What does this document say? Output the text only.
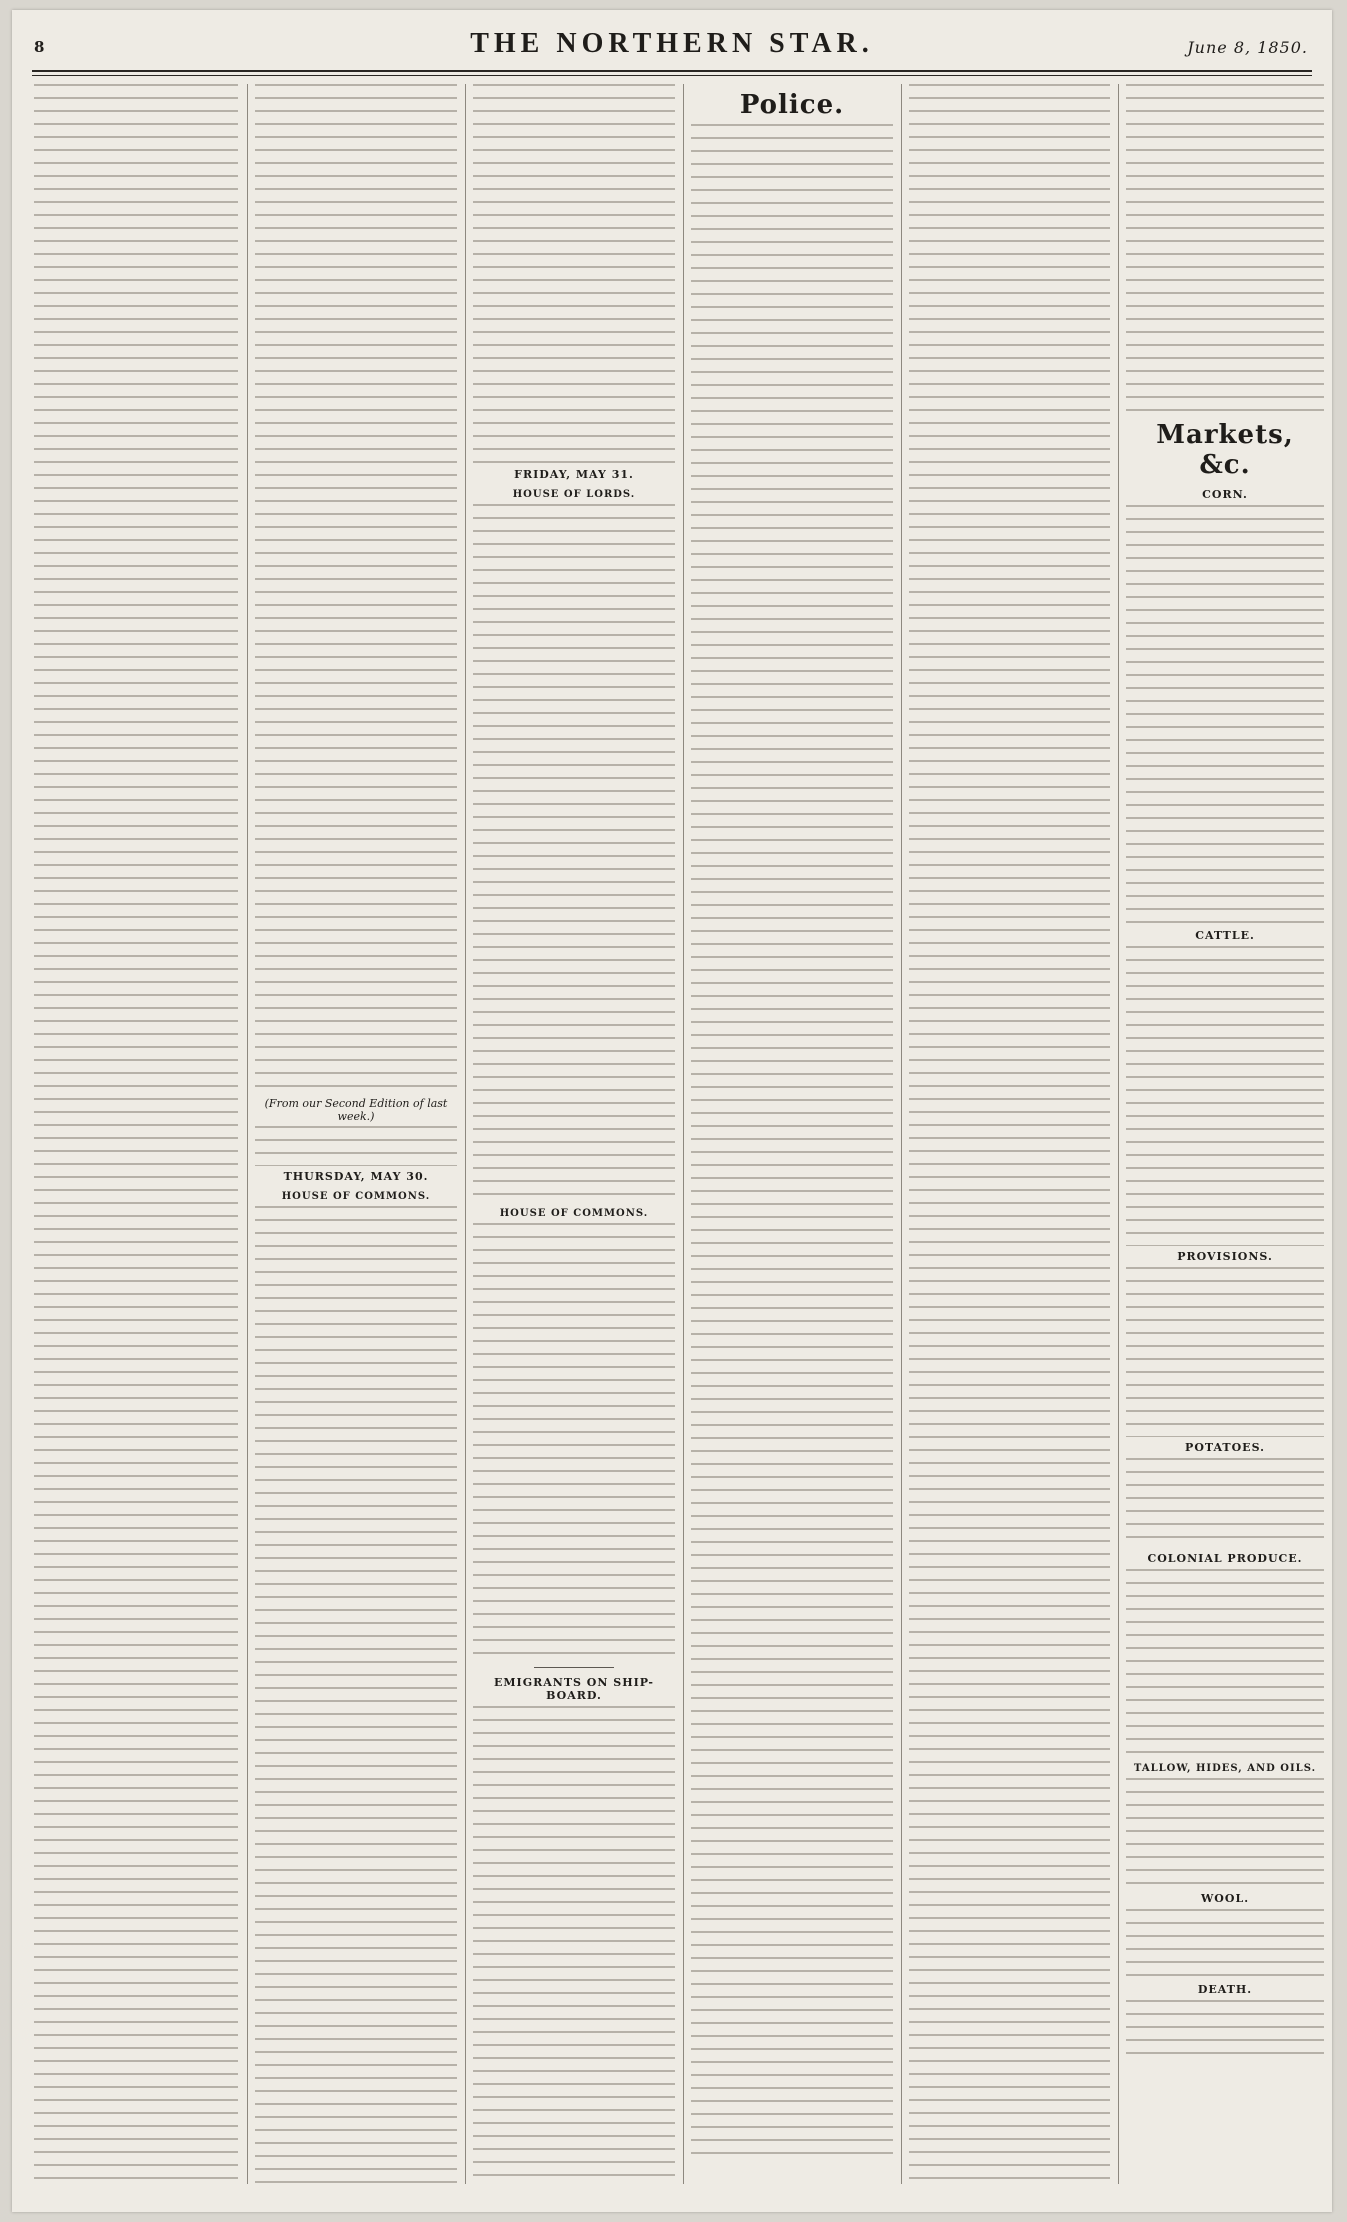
8	THE NORTHERN STAR.	June 8, 1850.
(From our Second Edition of last week.)
THURSDAY, MAY 30.
HOUSE OF COMMONS.
FRIDAY, MAY 31.
HOUSE OF LORDS.
HOUSE OF COMMONS.
EMIGRANTS ON SHIP-BOARD.
Police.
Markets, &c.
CORN.
CATTLE.
PROVISIONS.
POTATOES.
COLONIAL PRODUCE.
TALLOW, HIDES, AND OILS.
WOOL.
DEATH.
